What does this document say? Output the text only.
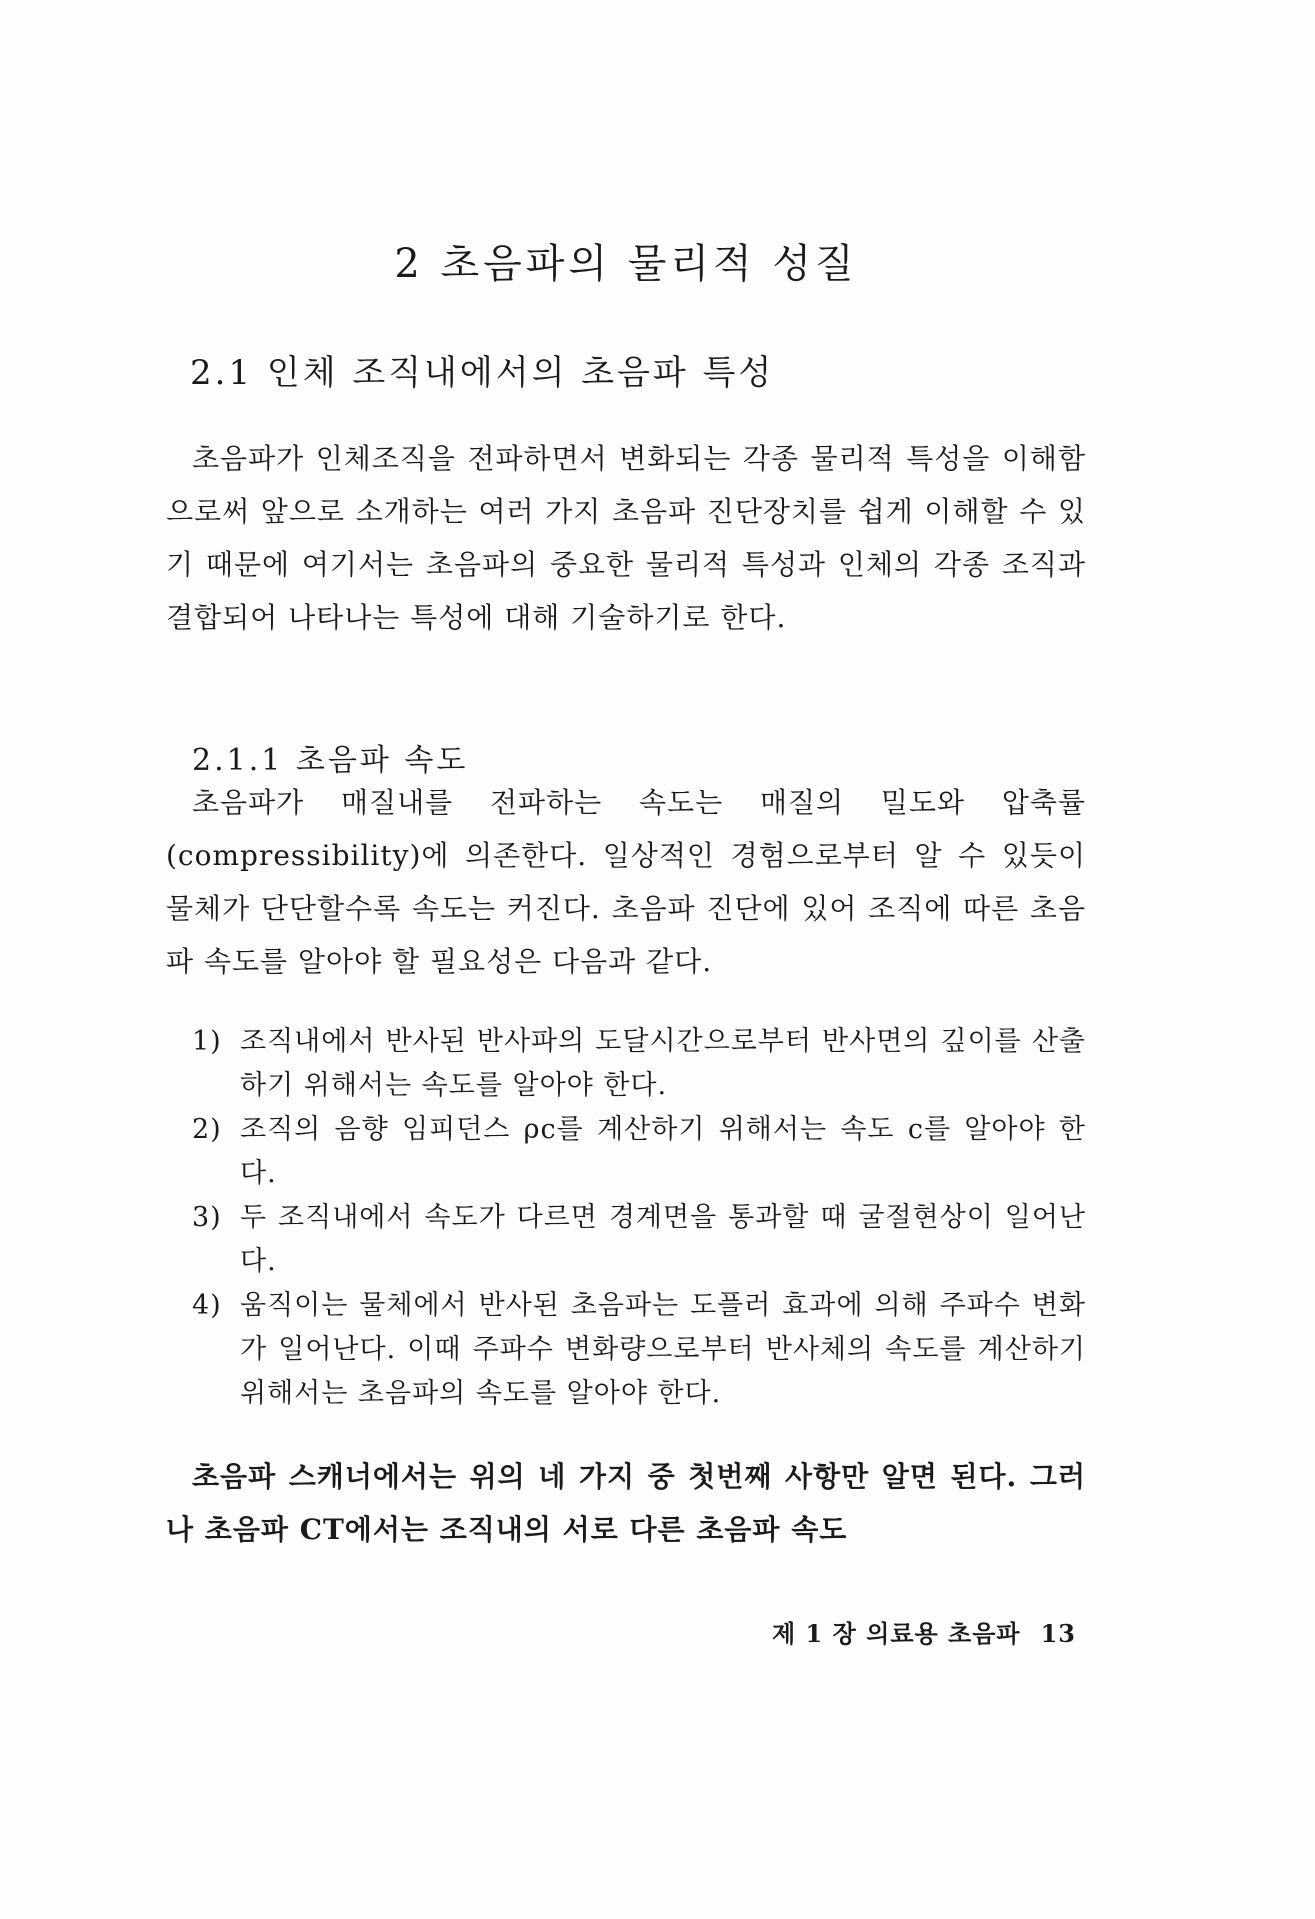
2 초음파의 물리적 성질
2.1 인체 조직내에서의 초음파 특성

초음파가 인체조직을 전파하면서 변화되는 각종 물리적 특성을 이해함으로써 앞으로 소개하는 여러 가지 초음파 진단장치를 쉽게 이해할 수 있기 때문에 여기서는 초음파의 중요한 물리적 특성과 인체의 각종 조직과 결합되어 나타나는 특성에 대해 기술하기로 한다.

2.1.1 초음파 속도

초음파가 매질내를 전파하는 속도는 매질의 밀도와 압축률 (compressibility)에 의존한다. 일상적인 경험으로부터 알 수 있듯이 물체가 단단할수록 속도는 커진다. 초음파 진단에 있어 조직에 따른 초음파 속도를 알아야 할 필요성은 다음과 같다.

1) 조직내에서 반사된 반사파의 도달시간으로부터 반사면의 깊이를 산출하기 위해서는 속도를 알아야 한다.
2) 조직의 음향 임피던스 ρc를 계산하기 위해서는 속도 c를 알아야 한다.
3) 두 조직내에서 속도가 다르면 경계면을 통과할 때 굴절현상이 일어난다.
4) 움직이는 물체에서 반사된 초음파는 도플러 효과에 의해 주파수 변화가 일어난다. 이때 주파수 변화량으로부터 반사체의 속도를 계산하기 위해서는 초음파의 속도를 알아야 한다.

초음파 스캐너에서는 위의 네 가지 중 첫번째 사항만 알면 된다. 그러나 초음파 CT에서는 조직내의 서로 다른 초음파 속도

제 1 장 의료용 초음파 13
